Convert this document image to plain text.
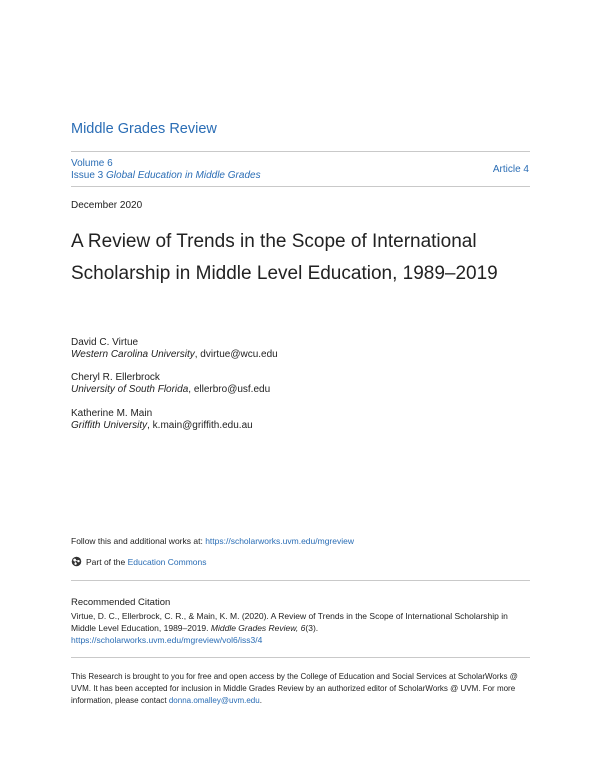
Middle Grades Review
Volume 6
Issue 3 Global Education in Middle Grades
Article 4
December 2020
A Review of Trends in the Scope of International Scholarship in Middle Level Education, 1989–2019
David C. Virtue
Western Carolina University, dvirtue@wcu.edu
Cheryl R. Ellerbrock
University of South Florida, ellerbro@usf.edu
Katherine M. Main
Griffith University, k.main@griffith.edu.au
Follow this and additional works at: https://scholarworks.uvm.edu/mgreview
Part of the
Education Commons
Recommended Citation
Virtue, D. C., Ellerbrock, C. R., & Main, K. M. (2020). A Review of Trends in the Scope of International Scholarship in Middle Level Education, 1989–2019. Middle Grades Review, 6(3).
https://scholarworks.uvm.edu/mgreview/vol6/iss3/4
This Research is brought to you for free and open access by the College of Education and Social Services at ScholarWorks @ UVM. It has been accepted for inclusion in Middle Grades Review by an authorized editor of ScholarWorks @ UVM. For more information, please contact donna.omalley@uvm.edu.
